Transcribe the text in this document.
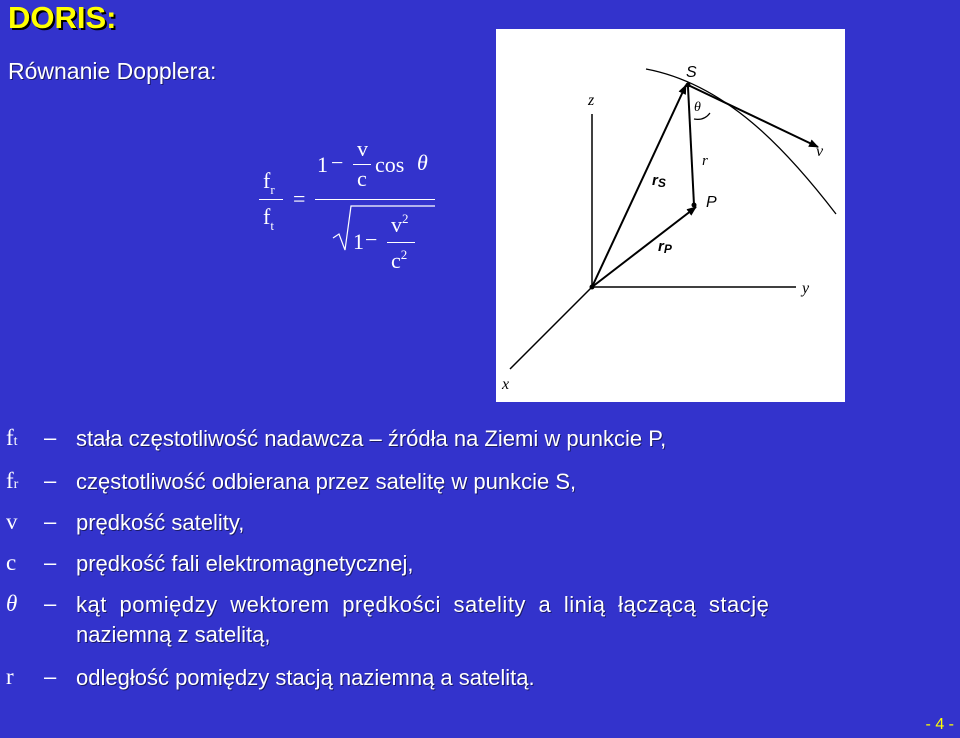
DORIS:
Równanie Dopplera:
$f_r$
$f_t$
=
1 −
v
c
cos θ
1 −
$v^2$
$c^2$
z
x
y
S
P
θ
v
r
rS
rP
ft – stała częstotliwość nadawcza – źródła na Ziemi w punkcie P,
fr – częstotliwość odbierana przez satelitę w punkcie S,
v – prędkość satelity,
c – prędkość fali elektromagnetycznej,
θ – kąt pomiędzy wektorem prędkości satelity a linią łączącą stację
naziemną z satelitą,
r – odległość pomiędzy stacją naziemną a satelitą.
- 4 -
